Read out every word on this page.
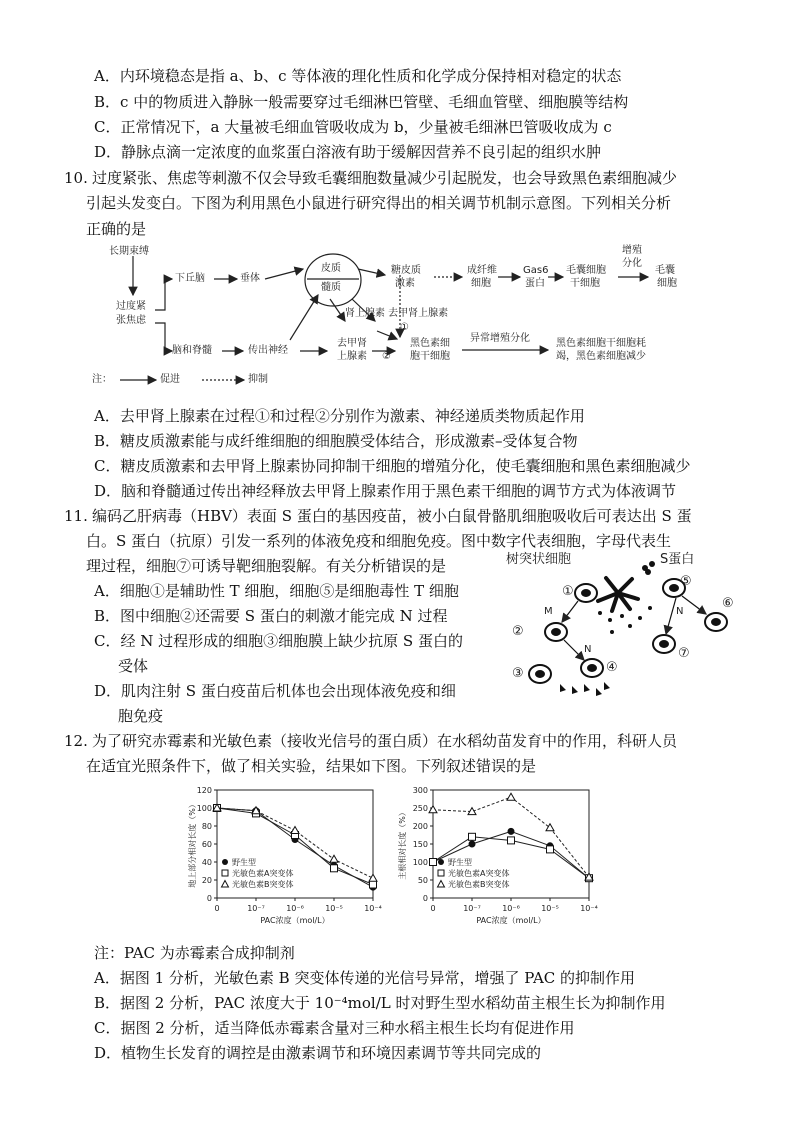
A．内环境稳态是指 a、b、c 等体液的理化性质和化学成分保持相对稳定的状态
B．c 中的物质进入静脉一般需要穿过毛细淋巴管壁、毛细血管壁、细胞膜等结构
C．正常情况下，a 大量被毛细血管吸收成为 b，少量被毛细淋巴管吸收成为 c
D．静脉点滴一定浓度的血浆蛋白溶液有助于缓解因营养不良引起的组织水肿
10. 过度紧张、焦虑等刺激不仅会导致毛囊细胞数量减少引起脱发，也会导致黑色素细胞减少
引起头发变白。下图为利用黑色小鼠进行研究得出的相关调节机制示意图。下列相关分析
正确的是
长期束缚
过度紧
张焦虑
下丘脑	垂体
皮质
髓质
糖皮质
激素
成纤维
细胞
Gas6
蛋白
毛囊细胞
干细胞
增殖
分化
毛囊
细胞
肾上腺素 去甲肾上腺素
①
脑和脊髓	传出神经
去甲肾
上腺素 ②
黑色素细
胞干细胞
异常增殖分化	黑色素细胞干细胞耗
竭，黑色素细胞减少
注：	促进	抑制
A．去甲肾上腺素在过程①和过程②分别作为激素、神经递质类物质起作用
B．糖皮质激素能与成纤维细胞的细胞膜受体结合，形成激素–受体复合物
C．糖皮质激素和去甲肾上腺素协同抑制干细胞的增殖分化，使毛囊细胞和黑色素细胞减少
D．脑和脊髓通过传出神经释放去甲肾上腺素作用于黑色素干细胞的调节方式为体液调节
11. 编码乙肝病毒（HBV）表面 S 蛋白的基因疫苗，被小白鼠骨骼肌细胞吸收后可表达出 S 蛋
白。S 蛋白（抗原）引发一系列的体液免疫和细胞免疫。图中数字代表细胞，字母代表生
理过程，细胞⑦可诱导靶细胞裂解。有关分析错误的是
A．细胞①是辅助性 T 细胞，细胞⑤是细胞毒性 T 细胞
B．图中细胞②还需要 S 蛋白的刺激才能完成 N 过程
C．经 N 过程形成的细胞③细胞膜上缺少抗原 S 蛋白的
受体
D．肌肉注射 S 蛋白疫苗后机体也会出现体液免疫和细
胞免疫
树突状细胞	S蛋白
①
②
③	④
⑤
⑥
⑦
M
N
N
12. 为了研究赤霉素和光敏色素（接收光信号的蛋白质）在水稻幼苗发育中的作用，科研人员
在适宜光照条件下，做了相关实验，结果如下图。下列叙述错误的是
0
20
40
60
80
100
120
0	10⁻⁷	10⁻⁶	10⁻⁵	10⁻⁴
PAC浓度（mol/L）
地上部分相对长度（%）	野生型
光敏色素A突变体
光敏色素B突变体
0
50
100
150
200
250
300
0	10⁻⁷	10⁻⁶	10⁻⁵	10⁻⁴
PAC浓度（mol/L）
主根相对长度（%）	野生型
光敏色素A突变体
光敏色素B突变体
注：PAC 为赤霉素合成抑制剂
A．据图 1 分析，光敏色素 B 突变体传递的光信号异常，增强了 PAC 的抑制作用
B．据图 2 分析，PAC 浓度大于 10⁻⁴mol/L 时对野生型水稻幼苗主根生长为抑制作用
C．据图 2 分析，适当降低赤霉素含量对三种水稻主根生长均有促进作用
D．植物生长发育的调控是由激素调节和环境因素调节等共同完成的
